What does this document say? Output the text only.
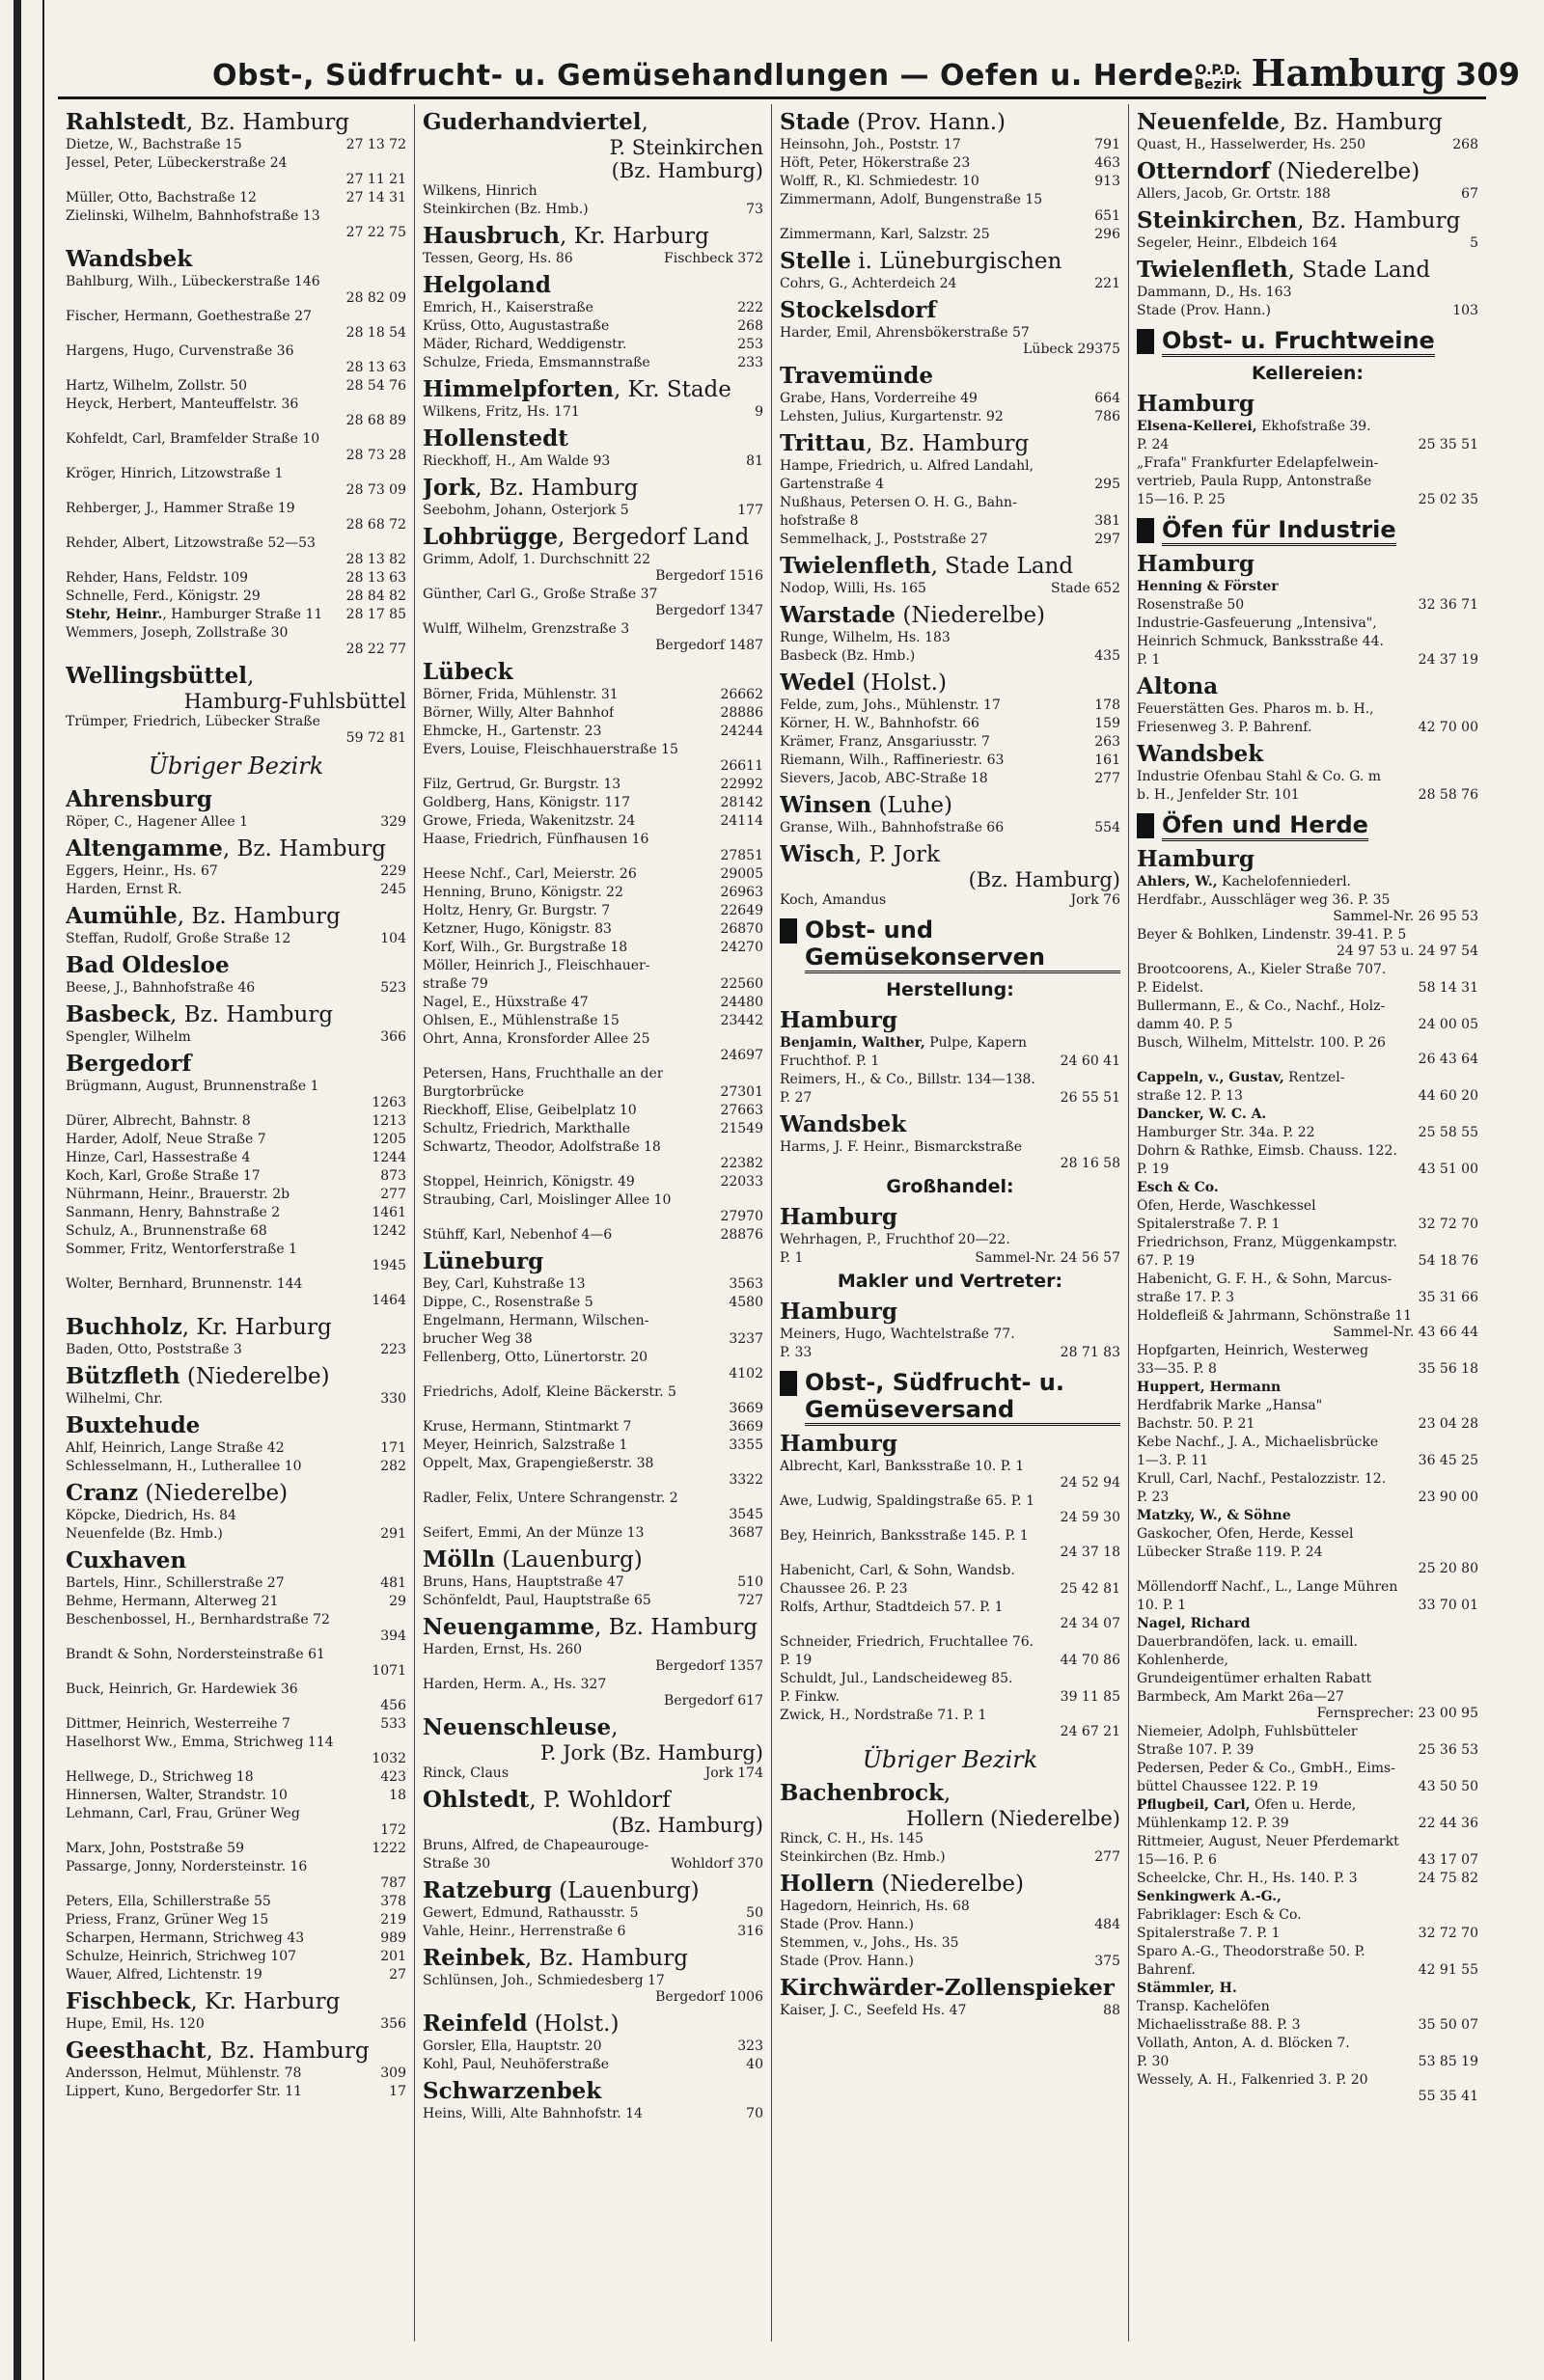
Obst-, Südfrucht- u. Gemüsehandlungen — Oefen u. Herde O.P.D.
Bezirk Hamburg 309
Rahlstedt, Bz. Hamburg
Dietze, W., Bachstraße 15	27 13 72
Jessel, Peter, Lübeckerstraße 24
27 11 21
Müller, Otto, Bachstraße 12	27 14 31
Zielinski, Wilhelm, Bahnhofstraße 13
27 22 75
Wandsbek
Bahlburg, Wilh., Lübeckerstraße 146
28 82 09
Fischer, Hermann, Goethestraße 27
28 18 54
Hargens, Hugo, Curvenstraße 36
28 13 63
Hartz, Wilhelm, Zollstr. 50	28 54 76
Heyck, Herbert, Manteuffelstr. 36
28 68 89
Kohfeldt, Carl, Bramfelder Straße 10
28 73 28
Kröger, Hinrich, Litzowstraße 1
28 73 09
Rehberger, J., Hammer Straße 19
28 68 72
Rehder, Albert, Litzowstraße 52—53
28 13 82
Rehder, Hans, Feldstr. 109	28 13 63
Schnelle, Ferd., Königstr. 29	28 84 82
Stehr, Heinr., Hamburger Straße 11	28 17 85
Wemmers, Joseph, Zollstraße 30
28 22 77
Wellingsbüttel,
Hamburg-Fuhlsbüttel
Trümper, Friedrich, Lübecker Straße
59 72 81
Übriger Bezirk
Ahrensburg
Röper, C., Hagener Allee 1	329
Altengamme, Bz. Hamburg
Eggers, Heinr., Hs. 67	229
Harden, Ernst R.	245
Aumühle, Bz. Hamburg
Steffan, Rudolf, Große Straße 12	104
Bad Oldesloe
Beese, J., Bahnhofstraße 46	523
Basbeck, Bz. Hamburg
Spengler, Wilhelm	366
Bergedorf
Brügmann, August, Brunnenstraße 1
1263
Dürer, Albrecht, Bahnstr. 8	1213
Harder, Adolf, Neue Straße 7	1205
Hinze, Carl, Hassestraße 4	1244
Koch, Karl, Große Straße 17	873
Nührmann, Heinr., Brauerstr. 2b	277
Sanmann, Henry, Bahnstraße 2	1461
Schulz, A., Brunnenstraße 68	1242
Sommer, Fritz, Wentorferstraße 1
1945
Wolter, Bernhard, Brunnenstr. 144
1464
Buchholz, Kr. Harburg
Baden, Otto, Poststraße 3	223
Bützfleth (Niederelbe)
Wilhelmi, Chr.	330
Buxtehude
Ahlf, Heinrich, Lange Straße 42	171
Schlesselmann, H., Lutherallee 10	282
Cranz (Niederelbe)
Köpcke, Diedrich, Hs. 84
Neuenfelde (Bz. Hmb.)	291
Cuxhaven
Bartels, Hinr., Schillerstraße 27	481
Behme, Hermann, Alterweg 21	29
Beschenbossel, H., Bernhardstraße 72
394
Brandt & Sohn, Nordersteinstraße 61
1071
Buck, Heinrich, Gr. Hardewiek 36
456
Dittmer, Heinrich, Westerreihe 7	533
Haselhorst Ww., Emma, Strichweg 114
1032
Hellwege, D., Strichweg 18	423
Hinnersen, Walter, Strandstr. 10	18
Lehmann, Carl, Frau, Grüner Weg
172
Marx, John, Poststraße 59	1222
Passarge, Jonny, Nordersteinstr. 16
787
Peters, Ella, Schillerstraße 55	378
Priess, Franz, Grüner Weg 15	219
Scharpen, Hermann, Strichweg 43	989
Schulze, Heinrich, Strichweg 107	201
Wauer, Alfred, Lichtenstr. 19	27
Fischbeck, Kr. Harburg
Hupe, Emil, Hs. 120	356
Geesthacht, Bz. Hamburg
Andersson, Helmut, Mühlenstr. 78	309
Lippert, Kuno, Bergedorfer Str. 11	17
Guderhandviertel,
P. Steinkirchen
(Bz. Hamburg)
Wilkens, Hinrich
Steinkirchen (Bz. Hmb.)	73
Hausbruch, Kr. Harburg
Tessen, Georg, Hs. 86	Fischbeck 372
Helgoland
Emrich, H., Kaiserstraße	222
Krüss, Otto, Augustastraße	268
Mäder, Richard, Weddigenstr.	253
Schulze, Frieda, Emsmannstraße	233
Himmelpforten, Kr. Stade
Wilkens, Fritz, Hs. 171	9
Hollenstedt
Rieckhoff, H., Am Walde 93	81
Jork, Bz. Hamburg
Seebohm, Johann, Osterjork 5	177
Lohbrügge, Bergedorf Land
Grimm, Adolf, 1. Durchschnitt 22
Bergedorf 1516
Günther, Carl G., Große Straße 37
Bergedorf 1347
Wulff, Wilhelm, Grenzstraße 3
Bergedorf 1487
Lübeck
Börner, Frida, Mühlenstr. 31	26662
Börner, Willy, Alter Bahnhof	28886
Ehmcke, H., Gartenstr. 23	24244
Evers, Louise, Fleischhauerstraße 15
26611
Filz, Gertrud, Gr. Burgstr. 13	22992
Goldberg, Hans, Königstr. 117	28142
Growe, Frieda, Wakenitzstr. 24	24114
Haase, Friedrich, Fünfhausen 16
27851
Heese Nchf., Carl, Meierstr. 26	29005
Henning, Bruno, Königstr. 22	26963
Holtz, Henry, Gr. Burgstr. 7	22649
Ketzner, Hugo, Königstr. 83	26870
Korf, Wilh., Gr. Burgstraße 18	24270
Möller, Heinrich J., Fleischhauer-
straße 79	22560
Nagel, E., Hüxstraße 47	24480
Ohlsen, E., Mühlenstraße 15	23442
Ohrt, Anna, Kronsforder Allee 25
24697
Petersen, Hans, Fruchthalle an der
Burgtorbrücke	27301
Rieckhoff, Elise, Geibelplatz 10	27663
Schultz, Friedrich, Markthalle	21549
Schwartz, Theodor, Adolfstraße 18
22382
Stoppel, Heinrich, Königstr. 49	22033
Straubing, Carl, Moislinger Allee 10
27970
Stühff, Karl, Nebenhof 4—6	28876
Lüneburg
Bey, Carl, Kuhstraße 13	3563
Dippe, C., Rosenstraße 5	4580
Engelmann, Hermann, Wilschen-
brucher Weg 38	3237
Fellenberg, Otto, Lünertorstr. 20
4102
Friedrichs, Adolf, Kleine Bäckerstr. 5
3669
Kruse, Hermann, Stintmarkt 7	3669
Meyer, Heinrich, Salzstraße 1	3355
Oppelt, Max, Grapengießerstr. 38
3322
Radler, Felix, Untere Schrangenstr. 2
3545
Seifert, Emmi, An der Münze 13	3687
Mölln (Lauenburg)
Bruns, Hans, Hauptstraße 47	510
Schönfeldt, Paul, Hauptstraße 65	727
Neuengamme, Bz. Hamburg
Harden, Ernst, Hs. 260
Bergedorf 1357
Harden, Herm. A., Hs. 327
Bergedorf 617
Neuenschleuse,
P. Jork (Bz. Hamburg)
Rinck, Claus	Jork 174
Ohlstedt, P. Wohldorf
(Bz. Hamburg)
Bruns, Alfred, de Chapeaurouge-
Straße 30	Wohldorf 370
Ratzeburg (Lauenburg)
Gewert, Edmund, Rathausstr. 5	50
Vahle, Heinr., Herrenstraße 6	316
Reinbek, Bz. Hamburg
Schlünsen, Joh., Schmiedesberg 17
Bergedorf 1006
Reinfeld (Holst.)
Gorsler, Ella, Hauptstr. 20	323
Kohl, Paul, Neuhöferstraße	40
Schwarzenbek
Heins, Willi, Alte Bahnhofstr. 14	70
Stade (Prov. Hann.)
Heinsohn, Joh., Poststr. 17	791
Höft, Peter, Hökerstraße 23	463
Wolff, R., Kl. Schmiedestr. 10	913
Zimmermann, Adolf, Bungenstraße 15
651
Zimmermann, Karl, Salzstr. 25	296
Stelle i. Lüneburgischen
Cohrs, G., Achterdeich 24	221
Stockelsdorf
Harder, Emil, Ahrensbökerstraße 57
Lübeck 29375
Travemünde
Grabe, Hans, Vorderreihe 49	664
Lehsten, Julius, Kurgartenstr. 92	786
Trittau, Bz. Hamburg
Hampe, Friedrich, u. Alfred Landahl,
Gartenstraße 4	295
Nußhaus, Petersen O. H. G., Bahn-
hofstraße 8	381
Semmelhack, J., Poststraße 27	297
Twielenfleth, Stade Land
Nodop, Willi, Hs. 165	Stade 652
Warstade (Niederelbe)
Runge, Wilhelm, Hs. 183
Basbeck (Bz. Hmb.)	435
Wedel (Holst.)
Felde, zum, Johs., Mühlenstr. 17	178
Körner, H. W., Bahnhofstr. 66	159
Krämer, Franz, Ansgariusstr. 7	263
Riemann, Wilh., Raffineriestr. 63	161
Sievers, Jacob, ABC-Straße 18	277
Winsen (Luhe)
Granse, Wilh., Bahnhofstraße 66	554
Wisch, P. Jork
(Bz. Hamburg)
Koch, Amandus	Jork 76
Obst- und Gemüsekonserven
Herstellung:
Hamburg
Benjamin, Walther, Pulpe, Kapern
Fruchthof. P. 1	24 60 41
Reimers, H., & Co., Billstr. 134—138.
P. 27	26 55 51
Wandsbek
Harms, J. F. Heinr., Bismarckstraße
28 16 58
Großhandel:
Hamburg
Wehrhagen, P., Fruchthof 20—22.
P. 1	Sammel-Nr. 24 56 57
Makler und Vertreter:
Hamburg
Meiners, Hugo, Wachtelstraße 77.
P. 33	28 71 83
Obst-, Südfrucht- u. Gemüseversand
Hamburg
Albrecht, Karl, Banksstraße 10. P. 1
24 52 94
Awe, Ludwig, Spaldingstraße 65. P. 1
24 59 30
Bey, Heinrich, Banksstraße 145. P. 1
24 37 18
Habenicht, Carl, & Sohn, Wandsb.
Chaussee 26. P. 23	25 42 81
Rolfs, Arthur, Stadtdeich 57. P. 1
24 34 07
Schneider, Friedrich, Fruchtallee 76.
P. 19	44 70 86
Schuldt, Jul., Landscheideweg 85.
P. Finkw.	39 11 85
Zwick, H., Nordstraße 71. P. 1
24 67 21
Übriger Bezirk
Bachenbrock,
Hollern (Niederelbe)
Rinck, C. H., Hs. 145
Steinkirchen (Bz. Hmb.)	277
Hollern (Niederelbe)
Hagedorn, Heinrich, Hs. 68
Stade (Prov. Hann.)	484
Stemmen, v., Johs., Hs. 35
Stade (Prov. Hann.)	375
Kirchwärder-Zollenspieker
Kaiser, J. C., Seefeld Hs. 47	88
Neuenfelde, Bz. Hamburg
Quast, H., Hasselwerder, Hs. 250	268
Otterndorf (Niederelbe)
Allers, Jacob, Gr. Ortstr. 188	67
Steinkirchen, Bz. Hamburg
Segeler, Heinr., Elbdeich 164	5
Twielenfleth, Stade Land
Dammann, D., Hs. 163
Stade (Prov. Hann.)	103
Obst- u. Fruchtweine
Kellereien:
Hamburg
Elsena-Kellerei, Ekhofstraße 39.
P. 24	25 35 51
„Frafa" Frankfurter Edelapfelwein-
vertrieb, Paula Rupp, Antonstraße
15—16. P. 25	25 02 35
Öfen für Industrie
Hamburg
Henning & Förster
Rosenstraße 50	32 36 71
Industrie-Gasfeuerung „Intensiva",
Heinrich Schmuck, Banksstraße 44.
P. 1	24 37 19
Altona
Feuerstätten Ges. Pharos m. b. H.,
Friesenweg 3. P. Bahrenf.	42 70 00
Wandsbek
Industrie Ofenbau Stahl & Co. G. m
b. H., Jenfelder Str. 101	28 58 76
Öfen und Herde
Hamburg
Ahlers, W., Kachelofenniederl.
Herdfabr., Ausschläger weg 36. P. 35
Sammel-Nr. 26 95 53
Beyer & Bohlken, Lindenstr. 39-41. P. 5
24 97 53 u. 24 97 54
Brootcoorens, A., Kieler Straße 707.
P. Eidelst.	58 14 31
Bullermann, E., & Co., Nachf., Holz-
damm 40. P. 5	24 00 05
Busch, Wilhelm, Mittelstr. 100. P. 26
26 43 64
Cappeln, v., Gustav, Rentzel-
straße 12. P. 13	44 60 20
Dancker, W. C. A.
Hamburger Str. 34a. P. 22	25 58 55
Dohrn & Rathke, Eimsb. Chauss. 122.
P. 19	43 51 00
Esch & Co.
Öfen, Herde, Waschkessel
Spitalerstraße 7. P. 1	32 72 70
Friedrichson, Franz, Müggenkampstr.
67. P. 19	54 18 76
Habenicht, G. F. H., & Sohn, Marcus-
straße 17. P. 3	35 31 66
Holdefleiß & Jahrmann, Schönstraße 11
Sammel-Nr. 43 66 44
Hopfgarten, Heinrich, Westerweg
33—35. P. 8	35 56 18
Huppert, Hermann
Herdfabrik Marke „Hansa"
Bachstr. 50. P. 21	23 04 28
Kebe Nachf., J. A., Michaelisbrücke
1—3. P. 11	36 45 25
Krull, Carl, Nachf., Pestalozzistr. 12.
P. 23	23 90 00
Matzky, W., & Söhne
Gaskocher, Öfen, Herde, Kessel
Lübecker Straße 119. P. 24
25 20 80
Möllendorff Nachf., L., Lange Mühren
10. P. 1	33 70 01
Nagel, Richard
Dauerbrandöfen, lack. u. emaill.
Kohlenherde,
Grundeigentümer erhalten Rabatt
Barmbeck, Am Markt 26a—27
Fernsprecher: 23 00 95
Niemeier, Adolph, Fuhlsbütteler
Straße 107. P. 39	25 36 53
Pedersen, Peder & Co., GmbH., Eims-
büttel Chaussee 122. P. 19	43 50 50
Pflugbeil, Carl, Öfen u. Herde,
Mühlenkamp 12. P. 39	22 44 36
Rittmeier, August, Neuer Pferdemarkt
15—16. P. 6	43 17 07
Scheelcke, Chr. H., Hs. 140. P. 3	24 75 82
Senkingwerk A.-G.,
Fabriklager: Esch & Co.
Spitalerstraße 7. P. 1	32 72 70
Sparo A.-G., Theodorstraße 50. P.
Bahrenf.	42 91 55
Stämmler, H.
Transp. Kachelöfen
Michaelisstraße 88. P. 3	35 50 07
Vollath, Anton, A. d. Blöcken 7.
P. 30	53 85 19
Wessely, A. H., Falkenried 3. P. 20
55 35 41
